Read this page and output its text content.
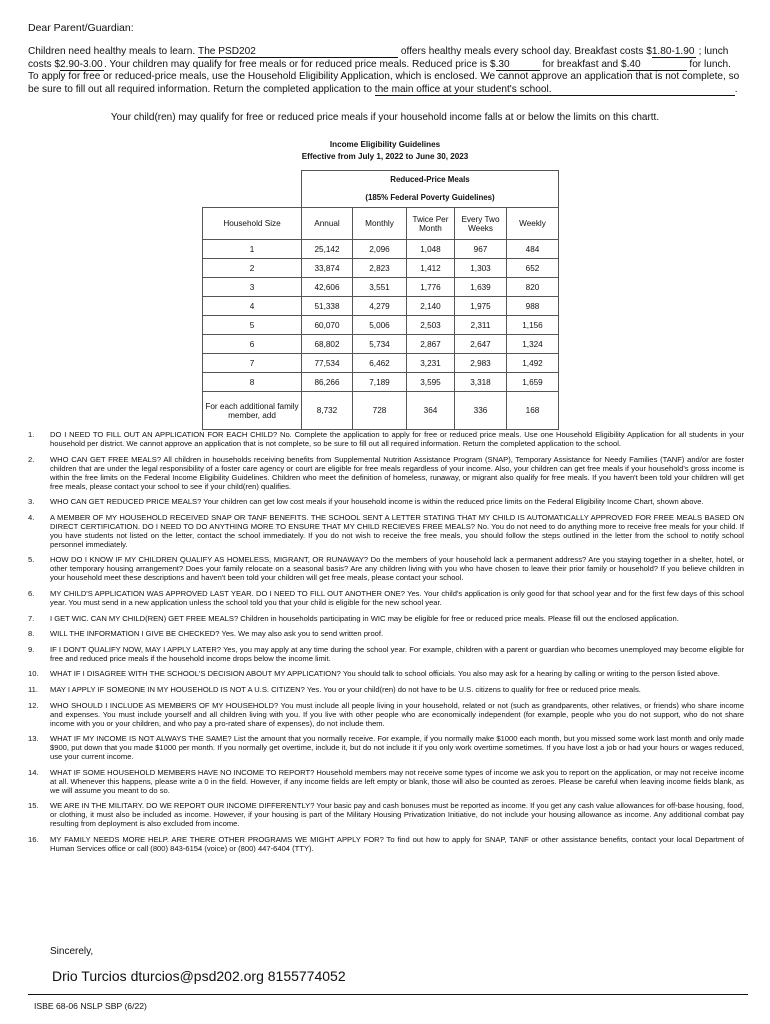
Dear Parent/Guardian:
Children need healthy meals to learn. The PSD202	offers healthy meals every school day. Breakfast costs $1.80-1.90 ; lunch costs $2.90-3.00. Your children may qualify for free meals or for reduced price meals. Reduced price is $.30	for breakfast and $.40	for lunch. To apply for free or reduced-price meals, use the Household Eligibility Application, which is enclosed. We cannot approve an application that is not complete, so be sure to fill out all required information. Return the completed application to the main office at your student's school.	.
Your child(ren) may qualify for free or reduced price meals if your household income falls at or below the limits on this chartt.
Income Eligibility Guidelines
Effective from July 1, 2022 to June 30, 2023
	Reduced-Price Meals				
	(185% Federal Poverty Guidelines)				
Household Size	Annual	Monthly	Twice Per Month	Every Two Weeks	Weekly
1	25,142	2,096	1,048	967	484
2	33,874	2,823	1,412	1,303	652
3	42,606	3,551	1,776	1,639	820
4	51,338	4,279	2,140	1,975	988
5	60,070	5,006	2,503	2,311	1,156
6	68,802	5,734	2,867	2,647	1,324
7	77,534	6,462	3,231	2,983	1,492
8	86,266	7,189	3,595	3,318	1,659
For each additional family member, add	8,732	728	364	336	168
1.	DO I NEED TO FILL OUT AN APPLICATION FOR EACH CHILD? No. Complete the application to apply for free or reduced price meals. Use one Household Eligibility Application for all students in your household per district. We cannot approve an application that is not complete, so be sure to fill out all required information. Return the completed application to the school.
2.	WHO CAN GET FREE MEALS? All children in households receiving benefits from Supplemental Nutrition Assistance Program (SNAP), Temporary Assistance for Needy Families (TANF) and/or are foster children that are under the legal responsibility of a foster care agency or court are eligible for free meals regardless of your income. Also, your children can get free meals if your household's gross income is within the free limits on the Federal Income Eligibility Guidelines. Children who meet the definition of homeless, runaway, or migrant also qualify for free meals. If you haven't been told your children will get free meals, please contact your school to see if your child(ren) qualifies.
3.	WHO CAN GET REDUCED PRICE MEALS? Your children can get low cost meals if your household income is within the reduced price limits on the Federal Eligibility Income Chart, shown above.
4.	A MEMBER OF MY HOUSEHOLD RECEIVED SNAP OR TANF BENEFITS. THE SCHOOL SENT A LETTER STATING THAT MY CHILD IS AUTOMATICALLY APPROVED FOR FREE MEALS BASED ON DIRECT CERTIFICATION. DO I NEED TO DO ANYTHING MORE TO ENSURE THAT MY CHILD RECIEVES FREE MEALS? No. You do not need to do anything more to receive free meals for your child. If you have students not listed on the letter, contact the school immediately. If you do not wish to receive the free meals, you should follow the steps outlined in the letter from the school to notify school personnel immediately.
5.	HOW DO I KNOW IF MY CHILDREN QUALIFY AS HOMELESS, MIGRANT, OR RUNAWAY? Do the members of your household lack a permanent address? Are you staying together in a shelter, hotel, or other temporary housing arrangement? Does your family relocate on a seasonal basis? Are any children living with you who have chosen to leave their prior family or household? If you believe children in your household meet these descriptions and haven't been told your children will get free meals, please contact your school.
6.	MY CHILD'S APPLICATION WAS APPROVED LAST YEAR. DO I NEED TO FILL OUT ANOTHER ONE? Yes. Your child's application is only good for that school year and for the first few days of this school year. You must send in a new application unless the school told you that your child is eligible for the new school year.
7.	I GET WIC. CAN MY CHILD(REN) GET FREE MEALS? Children in households participating in WIC may be eligible for free or reduced price meals. Please fill out the enclosed application.
8.	WILL THE INFORMATION I GIVE BE CHECKED? Yes. We may also ask you to send written proof.
9.	IF I DON'T QUALIFY NOW, MAY I APPLY LATER? Yes, you may apply at any time during the school year. For example, children with a parent or guardian who becomes unemployed may become eligible for free and reduced price meals if the household income drops below the income limit.
10.	WHAT IF I DISAGREE WITH THE SCHOOL'S DECISION ABOUT MY APPLICATION? You should talk to school officials. You also may ask for a hearing by calling or writing to the person listed above.
11.	MAY I APPLY IF SOMEONE IN MY HOUSEHOLD IS NOT A U.S. CITIZEN? Yes. You or your child(ren) do not have to be U.S. citizens to qualify for free or reduced price meals.
12.	WHO SHOULD I INCLUDE AS MEMBERS OF MY HOUSEHOLD? You must include all people living in your household, related or not (such as grandparents, other relatives, or friends) who share income and expenses. You must include yourself and all children living with you. If you live with other people who are economically independent (for example, people who you do not support, who do not share income with you or your children, and who pay a pro-rated share of expenses), do not include them.
13.	WHAT IF MY INCOME IS NOT ALWAYS THE SAME? List the amount that you normally receive. For example, if you normally make $1000 each month, but you missed some work last month and only made $900, put down that you made $1000 per month. If you normally get overtime, include it, but do not include it if you only work overtime sometimes. If you have lost a job or had your hours or wages reduced, use your current income.
14.	WHAT IF SOME HOUSEHOLD MEMBERS HAVE NO INCOME TO REPORT? Household members may not receive some types of income we ask you to report on the application, or may not receive income at all. Whenever this happens, please write a 0 in the field. However, if any income fields are left empty or blank, those will also be counted as zeroes. Please be careful when leaving income fields blank, as we will assume you meant to do so.
15.	WE ARE IN THE MILITARY. DO WE REPORT OUR INCOME DIFFERENTLY? Your basic pay and cash bonuses must be reported as income. If you get any cash value allowances for off-base housing, food, or clothing, it must also be included as income. However, if your housing is part of the Military Housing Privatization Initiative, do not include your housing allowance as income. Any additional combat pay resulting from deployment is also excluded from income.
16.	MY FAMILY NEEDS MORE HELP. ARE THERE OTHER PROGRAMS WE MIGHT APPLY FOR? To find out how to apply for SNAP, TANF or other assistance benefits, contact your local Department of Human Services office or call (800) 843-6154 (voice) or (800) 447-6404 (TTY).
Sincerely,
Drio Turcios dturcios@psd202.org 8155774052
ISBE 68-06 NSLP SBP (6/22)
